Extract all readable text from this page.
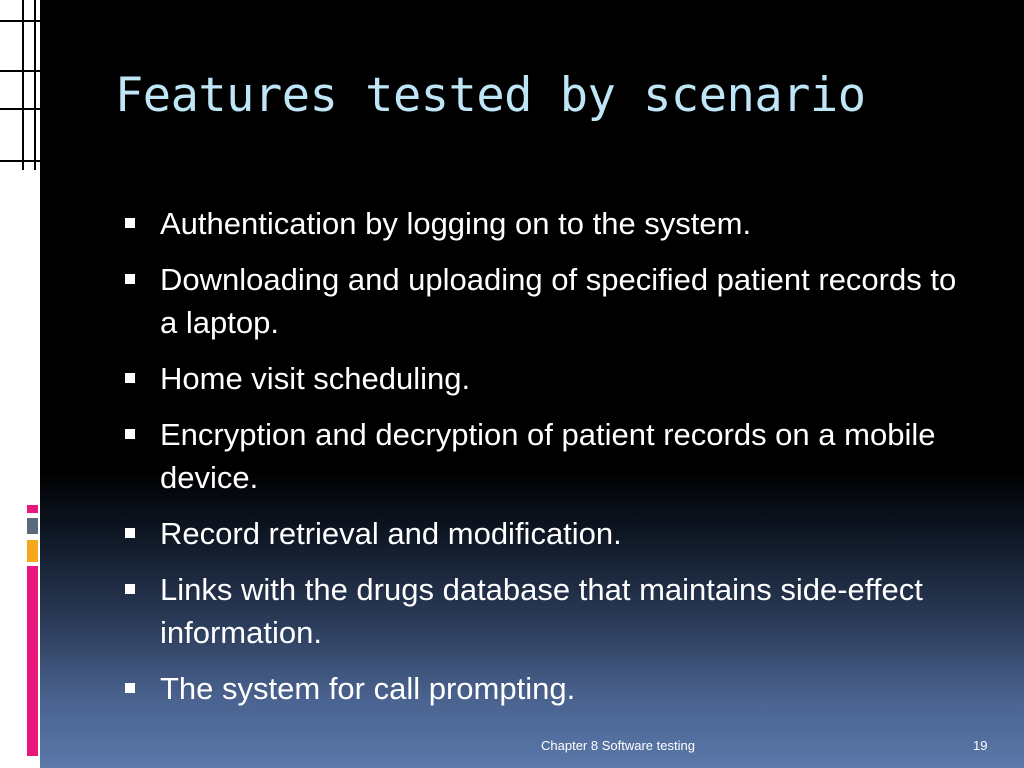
Features tested by scenario
Authentication by logging on to the system.
Downloading and uploading of specified patient records to a laptop.
Home visit scheduling.
Encryption and decryption of patient records on a mobile device.
Record retrieval and modification.
Links with the drugs database that maintains side-effect information.
The system for call prompting.
Chapter 8 Software testing	19
